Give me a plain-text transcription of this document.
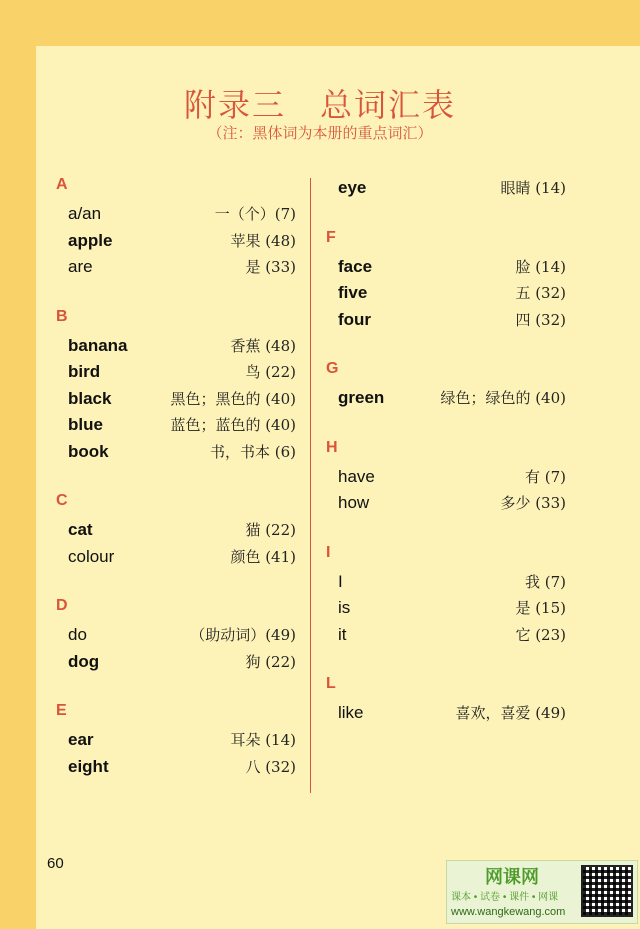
附录三　总词汇表
（注：黑体词为本册的重点词汇）
A
a/an	一（个）(7)
apple	苹果 (48)
are	是 (33)
B
banana	香蕉 (48)
bird	鸟 (22)
black	黑色；黑色的 (40)
blue	蓝色；蓝色的 (40)
book	书，书本 (6)
C
cat	猫 (22)
colour	颜色 (41)
D
do	（助动词）(49)
dog	狗 (22)
E
ear	耳朵 (14)
eight	八 (32)
eye	眼睛 (14)
F
face	脸 (14)
five	五 (32)
four	四 (32)
G
green	绿色；绿色的 (40)
H
have	有 (7)
how	多少 (33)
I
I	我 (7)
is	是 (15)
it	它 (23)
L
like	喜欢，喜爱 (49)
60
网课网
课本 • 试卷 • 课件 • 网课
www.wangkewang.com
